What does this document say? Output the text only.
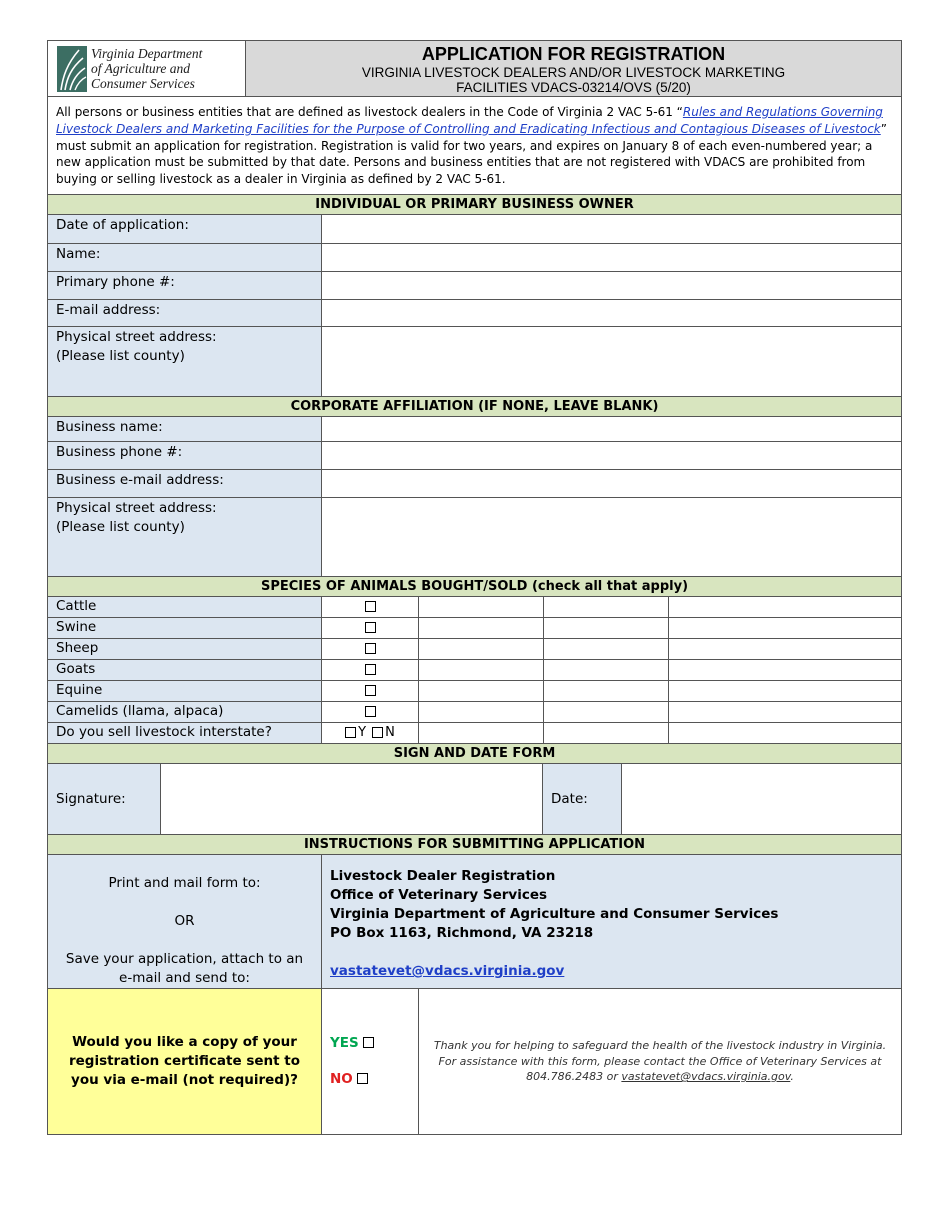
Virginia Department
of Agriculture and
Consumer Services
APPLICATION FOR REGISTRATION
VIRGINIA LIVESTOCK DEALERS AND/OR LIVESTOCK MARKETING
FACILITIES VDACS-03214/OVS (5/20)
All persons or business entities that are defined as livestock dealers in the Code of Virginia 2 VAC 5-61 “Rules and Regulations Governing Livestock Dealers and Marketing Facilities for the Purpose of Controlling and Eradicating Infectious and Contagious Diseases of Livestock” must submit an application for registration. Registration is valid for two years, and expires on January 8 of each even-numbered year; a new application must be submitted by that date. Persons and business entities that are not registered with VDACS are prohibited from buying or selling livestock as a dealer in Virginia as defined by 2 VAC 5-61.
INDIVIDUAL OR PRIMARY BUSINESS OWNER
Date of application:
Name:
Primary phone #:
E-mail address:
Physical street address:
(Please list county)
CORPORATE AFFILIATION (IF NONE, LEAVE BLANK)
Business name:
Business phone #:
Business e-mail address:
Physical street address:
(Please list county)
SPECIES OF ANIMALS BOUGHT/SOLD (check all that apply)
Cattle
Swine
Sheep
Goats
Equine
Camelids (llama, alpaca)
Do you sell livestock interstate?	Y N
SIGN AND DATE FORM
Signature:	Date:
INSTRUCTIONS FOR SUBMITTING APPLICATION

Print and mail form to:

OR

Save your application, attach to an e-mail and send to:

Livestock Dealer Registration
Office of Veterinary Services
Virginia Department of Agriculture and Consumer Services
PO Box 1163, Richmond, VA 23218
vastatevet@vdacs.virginia.gov
Would you like a copy of your registration certificate sent to you via e-mail (not required)?
YES
NO
Thank you for helping to safeguard the health of the livestock industry in Virginia. For assistance with this form, please contact the Office of Veterinary Services at 804.786.2483 or vastatevet@vdacs.virginia.gov.
